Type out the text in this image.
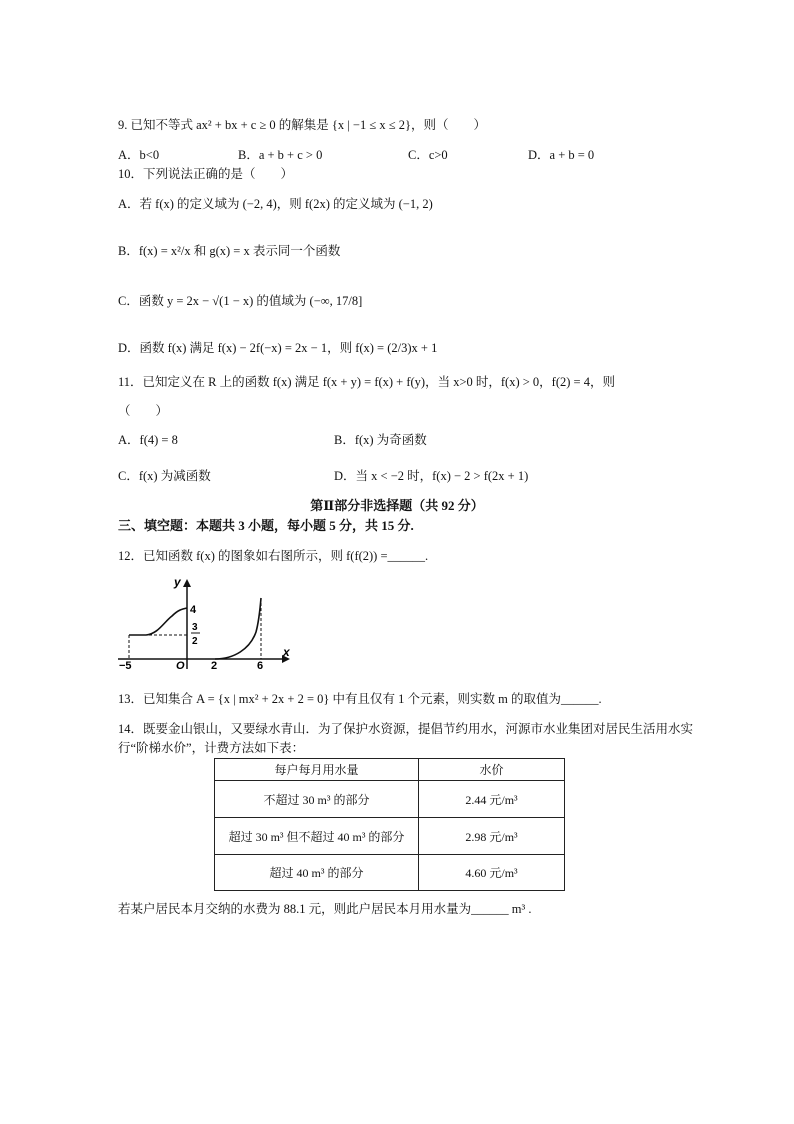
9. 已知不等式 ax² + bx + c ≥ 0 的解集是 {x | −1 ≤ x ≤ 2}，则（　　）
A．b<0	B．a + b + c > 0	C．c>0	D．a + b = 0
10．下列说法正确的是（　　）
A．若 f(x) 的定义域为 (−2, 4)，则 f(2x) 的定义域为 (−1, 2)
B．f(x) = x²/x 和 g(x) = x 表示同一个函数
C．函数 y = 2x − √(1 − x) 的值域为 (−∞, 17/8]
D．函数 f(x) 满足 f(x) − 2f(−x) = 2x − 1，则 f(x) = (2/3)x + 1
11．已知定义在 R 上的函数 f(x) 满足 f(x + y) = f(x) + f(y)，当 x>0 时，f(x) > 0，f(2) = 4，则
（　　）
A．f(4) = 8	B．f(x) 为奇函数
C．f(x) 为减函数	D．当 x < −2 时，f(x) − 2 > f(2x + 1)
第Ⅱ部分非选择题（共 92 分）
三、填空题：本题共 3 小题，每小题 5 分，共 15 分.
12．已知函数 f(x) 的图象如右图所示，则 f(f(2)) =______.
y
x
4
3
2
O
−5	2	6
13．已知集合 A = {x | mx² + 2x + 2 = 0} 中有且仅有 1 个元素，则实数 m 的取值为______.
14．既要金山银山，又要绿水青山．为了保护水资源，提倡节约用水，河源市水业集团对居民生活用水实
行“阶梯水价”，计费方法如下表：
每户每月用水量	水价
不超过 30 m³ 的部分	2.44 元/m³
超过 30 m³ 但不超过 40 m³ 的部分	2.98 元/m³
超过 40 m³ 的部分	4.60 元/m³
若某户居民本月交纳的水费为 88.1 元，则此户居民本月用水量为______ m³ .
